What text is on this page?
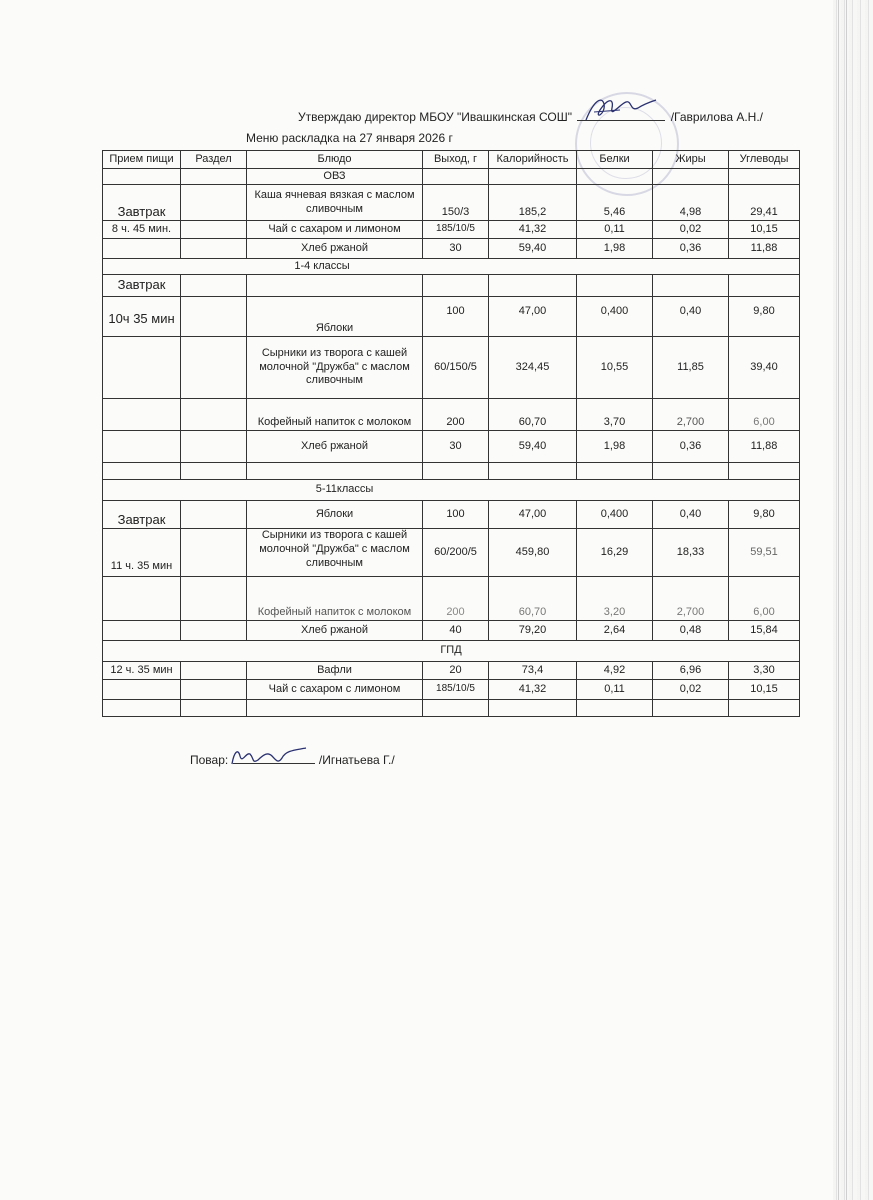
Утверждаю директор МБОУ "Ивашкинская СОШ"	/Гаврилова А.Н./
Меню раскладка на 27 января 2026 г
Прием пищи	Раздел	Блюдо	Выход, г	Калорийность	Белки	Жиры	Углеводы
		ОВЗ					
Завтрак		Каша ячневая вязкая с маслом сливочным	150/3	185,2	5,46	4,98	29,41
8 ч. 45 мин.		Чай с сахаром и лимоном	185/10/5	41,32	0,11	0,02	10,15
		Хлеб ржаной	30	59,40	1,98	0,36	11,88
1-4 классы							
Завтрак							
10ч 35 мин		Яблоки	100	47,00	0,400	0,40	9,80
		Сырники из творога с кашей молочной "Дружба" с маслом сливочным	60/150/5	324,45	10,55	11,85	39,40
		Кофейный напиток с молоком	200	60,70	3,70	2,700	6,00
		Хлеб ржаной	30	59,40	1,98	0,36	11,88

5-11классы							
Завтрак		Яблоки	100	47,00	0,400	0,40	9,80
11 ч. 35 мин		Сырники из творога с кашей молочной "Дружба" с маслом сливочным	60/200/5	459,80	16,29	18,33	59,51
		Кофейный напиток с молоком	200	60,70	3,20	2,700	6,00
		Хлеб ржаной	40	79,20	2,64	0,48	15,84
ГПД							
12 ч. 35 мин		Вафли	20	73,4	4,92	6,96	3,30
		Чай с сахаром с лимоном	185/10/5	41,32	0,11	0,02	10,15

Повар:	/Игнатьева Г./
